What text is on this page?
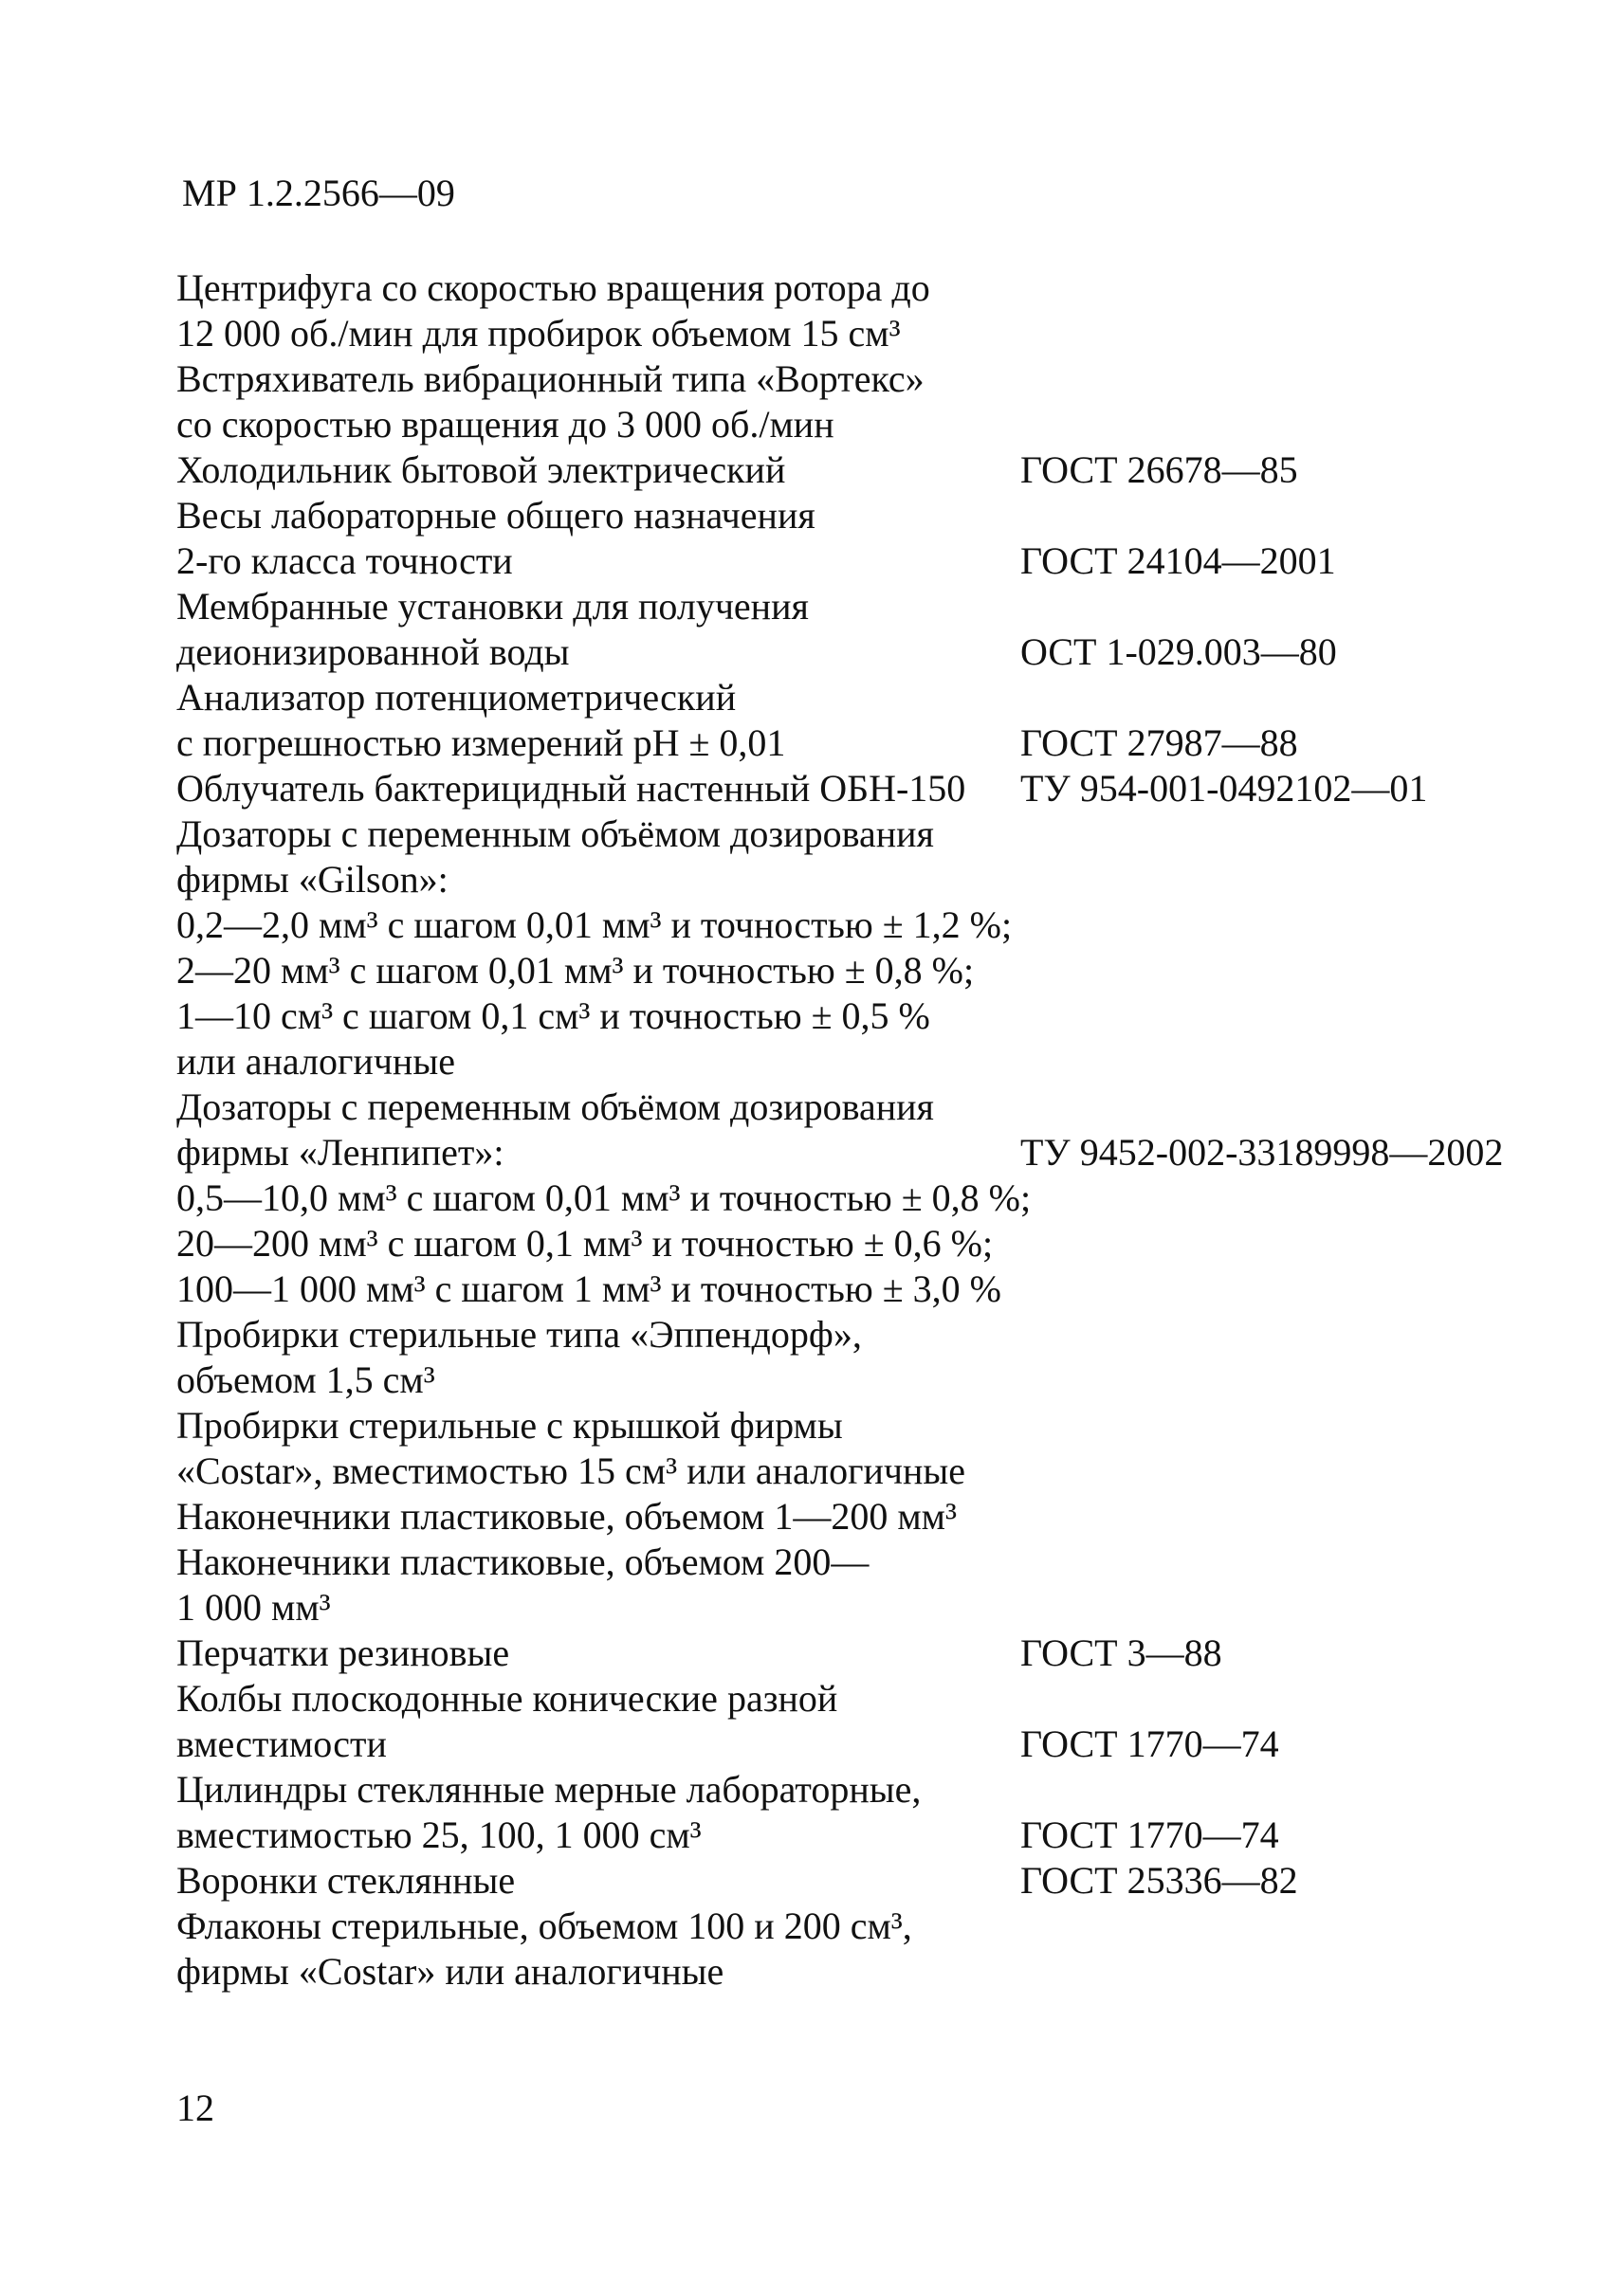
МР 1.2.2566—09
Центрифуга со скоростью вращения ротора до
12 000 об./мин для пробирок объемом 15 см³
Встряхиватель вибрационный типа «Вортекс»
со скоростью вращения до 3 000 об./мин
Холодильник бытовой электрический	ГОСТ 26678—85
Весы лабораторные общего назначения
2-го класса точности	ГОСТ 24104—2001
Мембранные установки для получения
деионизированной воды	ОСТ 1-029.003—80
Анализатор потенциометрический
с погрешностью измерений рН ± 0,01	ГОСТ 27987—88
Облучатель бактерицидный настенный ОБН-150	ТУ 954-001-0492102—01
Дозаторы с переменным объёмом дозирования
фирмы «Gilson»:
0,2—2,0 мм³ с шагом 0,01 мм³ и точностью ± 1,2 %;
2—20 мм³ с шагом 0,01 мм³ и точностью ± 0,8 %;
1—10 см³ с шагом 0,1 см³ и точностью ± 0,5 %
или аналогичные
Дозаторы с переменным объёмом дозирования
фирмы «Ленпипет»:	ТУ 9452-002-33189998—2002
0,5—10,0 мм³ с шагом 0,01 мм³ и точностью ± 0,8 %;
20—200 мм³ с шагом 0,1 мм³ и точностью ± 0,6 %;
100—1 000 мм³ с шагом 1 мм³ и точностью ± 3,0 %
Пробирки стерильные типа «Эппендорф»,
объемом 1,5 см³
Пробирки стерильные с крышкой фирмы
«Costar», вместимостью 15 см³ или аналогичные
Наконечники пластиковые, объемом 1—200 мм³
Наконечники пластиковые, объемом 200—
1 000 мм³
Перчатки резиновые	ГОСТ 3—88
Колбы плоскодонные конические разной
вместимости	ГОСТ 1770—74
Цилиндры стеклянные мерные лабораторные,
вместимостью 25, 100, 1 000 см³	ГОСТ 1770—74
Воронки стеклянные	ГОСТ 25336—82
Флаконы стерильные, объемом 100 и 200 см³,
фирмы «Costar» или аналогичные
12
